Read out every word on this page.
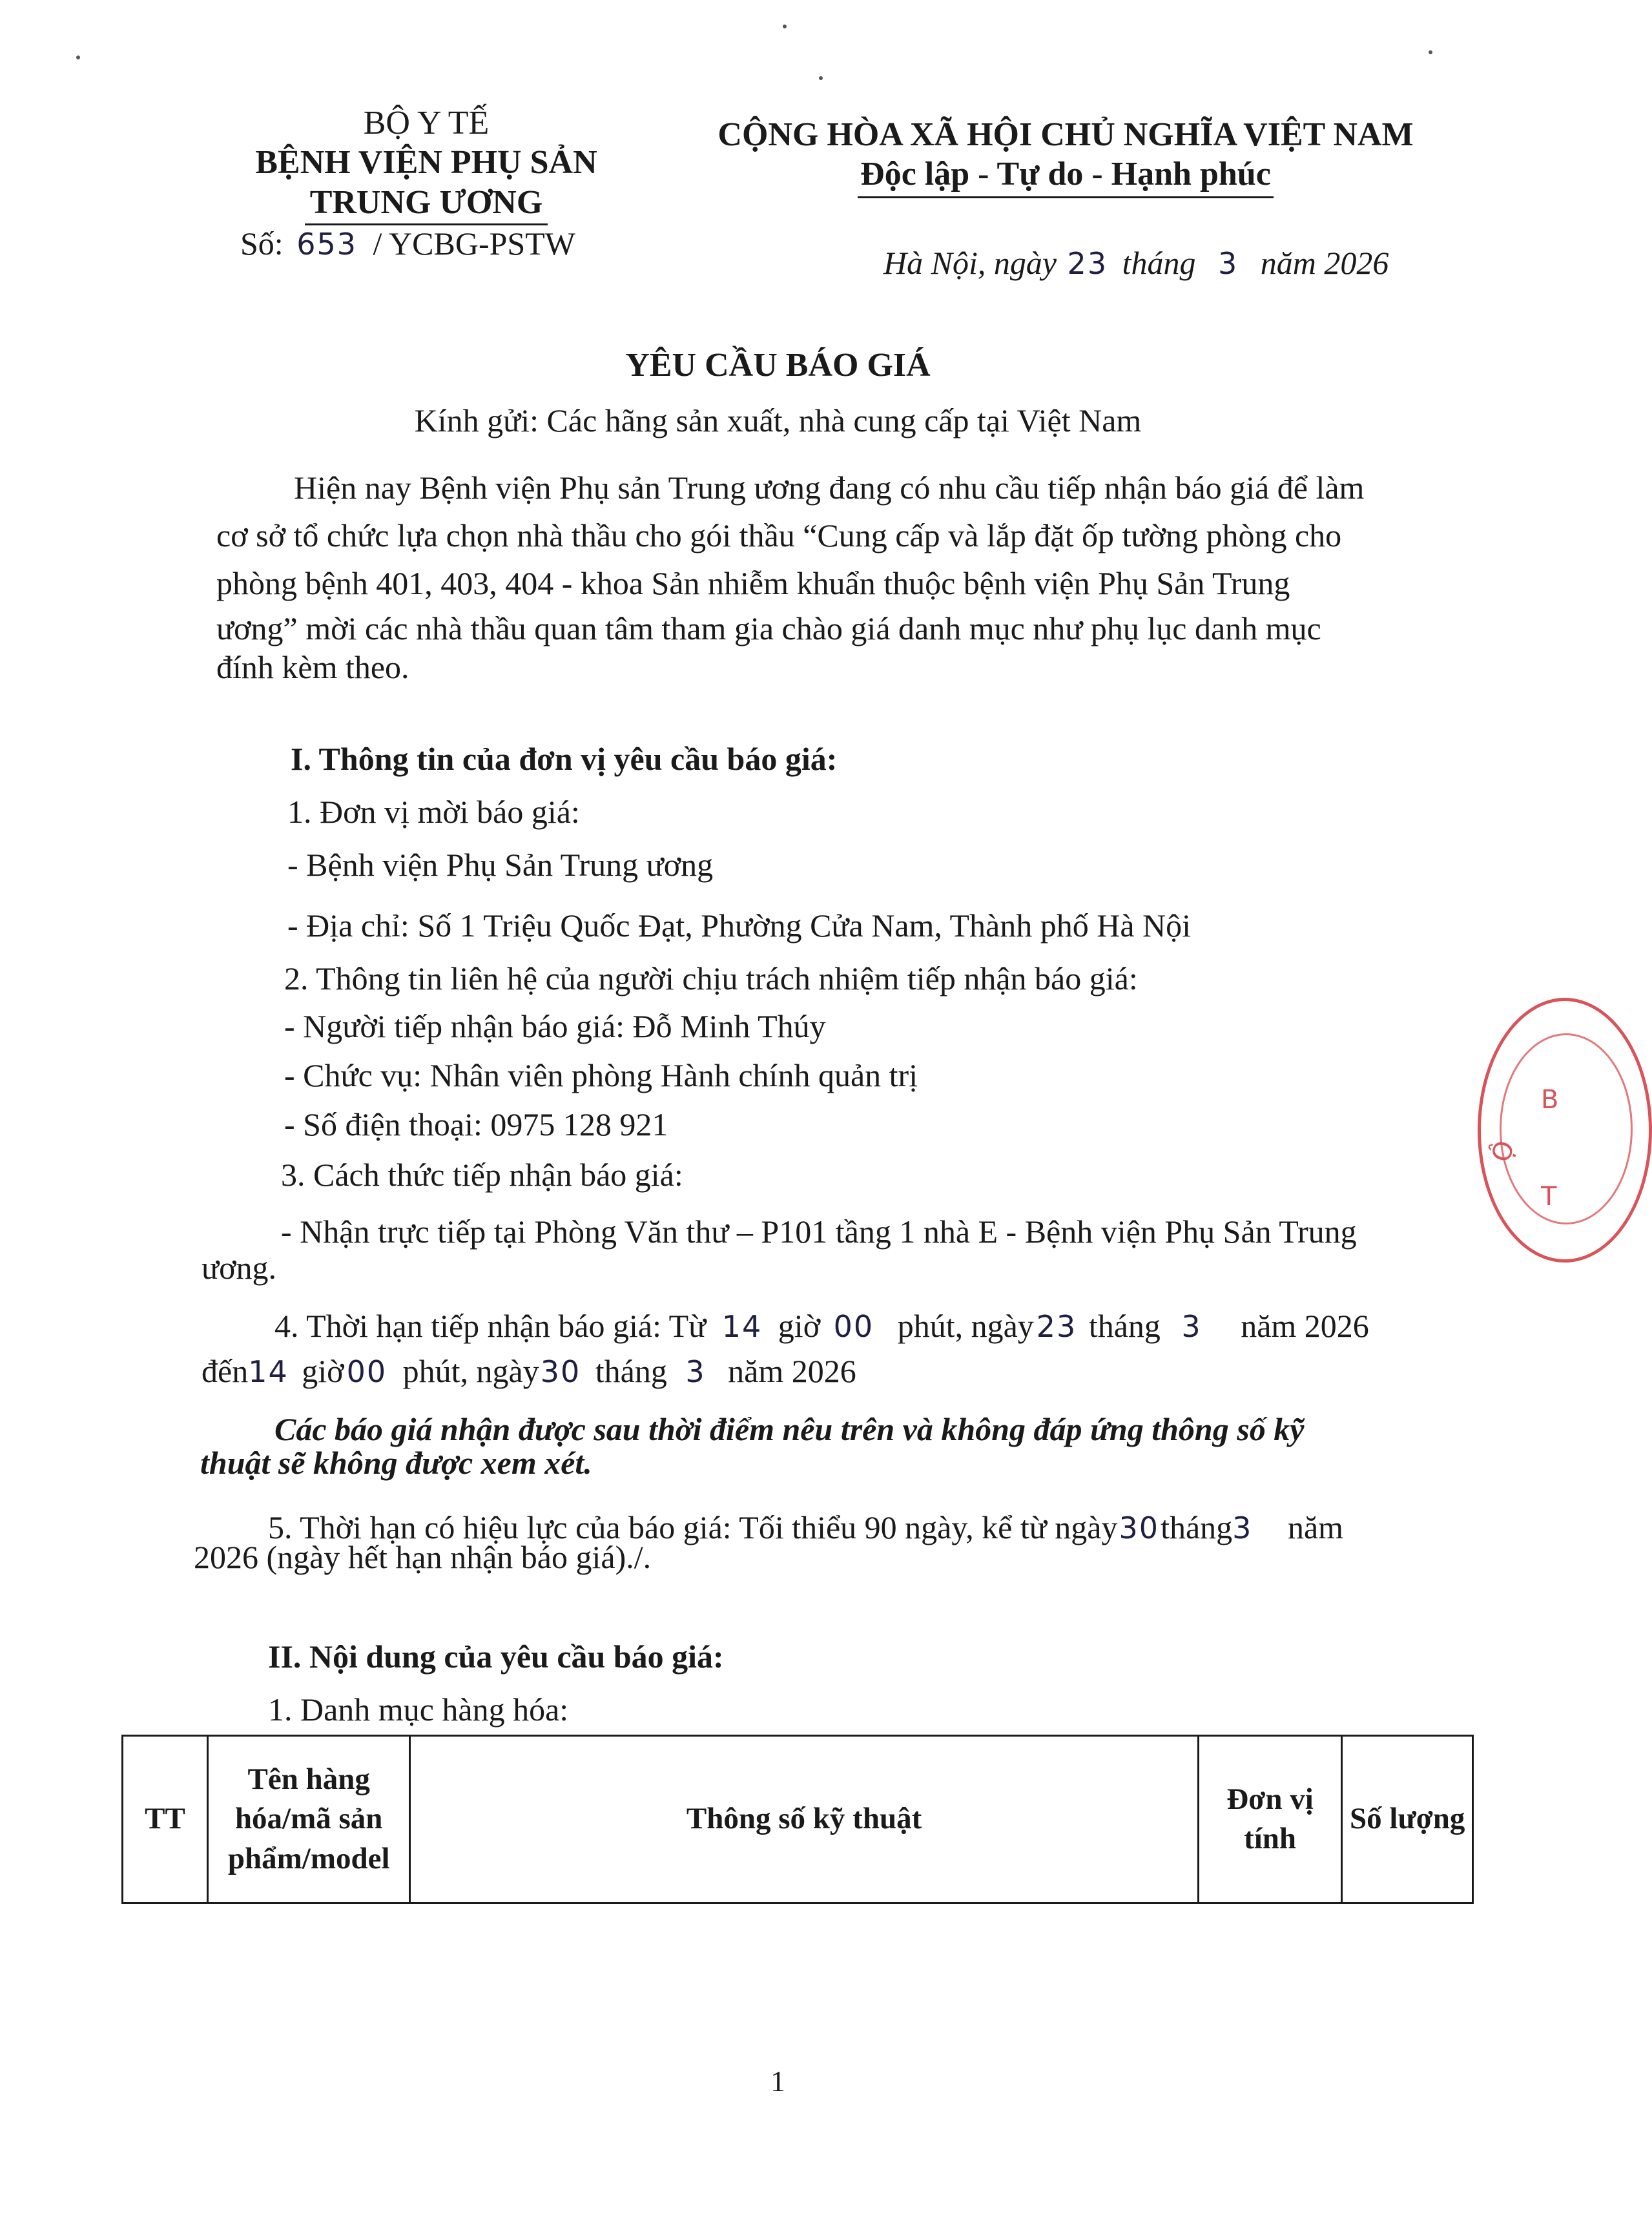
BỘ Y TẾ
BỆNH VIỆN PHỤ SẢN
TRUNG ƯƠNG
Số: 653 / YCBG-PSTW
CỘNG HÒA XÃ HỘI CHỦ NGHĨA VIỆT NAM
Độc lập - Tự do - Hạnh phúc
Hà Nội, ngày 23 tháng 3 năm 2026
YÊU CẦU BÁO GIÁ
Kính gửi: Các hãng sản xuất, nhà cung cấp tại Việt Nam
Hiện nay Bệnh viện Phụ sản Trung ương đang có nhu cầu tiếp nhận báo giá để làm
cơ sở tổ chức lựa chọn nhà thầu cho gói thầu “Cung cấp và lắp đặt ốp tường phòng cho
phòng bệnh 401, 403, 404 - khoa Sản nhiễm khuẩn thuộc bệnh viện Phụ Sản Trung
ương” mời các nhà thầu quan tâm tham gia chào giá danh mục như phụ lục danh mục
đính kèm theo.
I. Thông tin của đơn vị yêu cầu báo giá:
1. Đơn vị mời báo giá:
- Bệnh viện Phụ Sản Trung ương
- Địa chỉ: Số 1 Triệu Quốc Đạt, Phường Cửa Nam, Thành phố Hà Nội
2. Thông tin liên hệ của người chịu trách nhiệm tiếp nhận báo giá:
- Người tiếp nhận báo giá: Đỗ Minh Thúy
- Chức vụ: Nhân viên phòng Hành chính quản trị
- Số điện thoại: 0975 128 921
3. Cách thức tiếp nhận báo giá:
- Nhận trực tiếp tại Phòng Văn thư – P101 tầng 1 nhà E - Bệnh viện Phụ Sản Trung
ương.
4. Thời hạn tiếp nhận báo giá: Từ 14 giờ 00 phút, ngày23 tháng 3 năm 2026
đến14 giờ00 phút, ngày30 tháng 3 năm 2026
Các báo giá nhận được sau thời điểm nêu trên và không đáp ứng thông số kỹ
thuật sẽ không được xem xét.
5. Thời hạn có hiệu lực của báo giá: Tối thiểu 90 ngày, kể từ ngày30tháng3 năm
2026 (ngày hết hạn nhận báo giá)./.
II. Nội dung của yêu cầu báo giá:
1. Danh mục hàng hóa:
TT	Tên hàng hóa/mã sản phẩm/model	Thông số kỹ thuật	Đơn vị tính	Số lượng
B
Ộ
T
1
